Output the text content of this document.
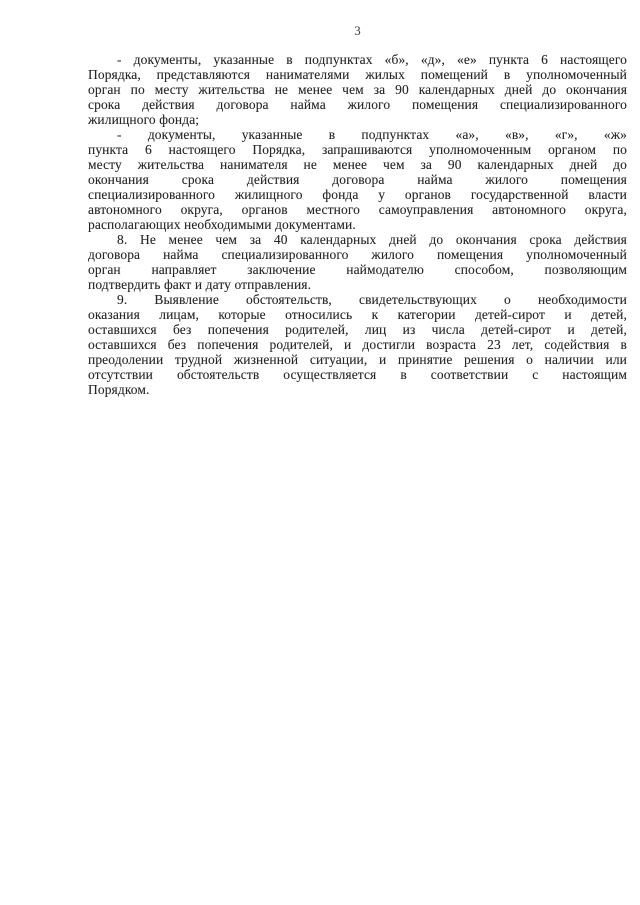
3
- документы, указанные в подпунктах «б», «д», «е» пункта 6 настоящего
Порядка, представляются нанимателями жилых помещений в уполномоченный
орган по месту жительства не менее чем за 90 календарных дней до окончания
срока действия договора найма жилого помещения специализированного
жилищного фонда;
- документы, указанные в подпунктах «а», «в», «г», «ж»
пункта 6 настоящего Порядка, запрашиваются уполномоченным органом по
месту жительства нанимателя не менее чем за 90 календарных дней до
окончания срока действия договора найма жилого помещения
специализированного жилищного фонда у органов государственной власти
автономного округа, органов местного самоуправления автономного округа,
располагающих необходимыми документами.
8. Не менее чем за 40 календарных дней до окончания срока действия
договора найма специализированного жилого помещения уполномоченный
орган направляет заключение наймодателю способом, позволяющим
подтвердить факт и дату отправления.
9. Выявление обстоятельств, свидетельствующих о необходимости
оказания лицам, которые относились к категории детей-сирот и детей,
оставшихся без попечения родителей, лиц из числа детей-сирот и детей,
оставшихся без попечения родителей, и достигли возраста 23 лет, содействия в
преодолении трудной жизненной ситуации, и принятие решения о наличии или
отсутствии обстоятельств осуществляется в соответствии с настоящим
Порядком.
